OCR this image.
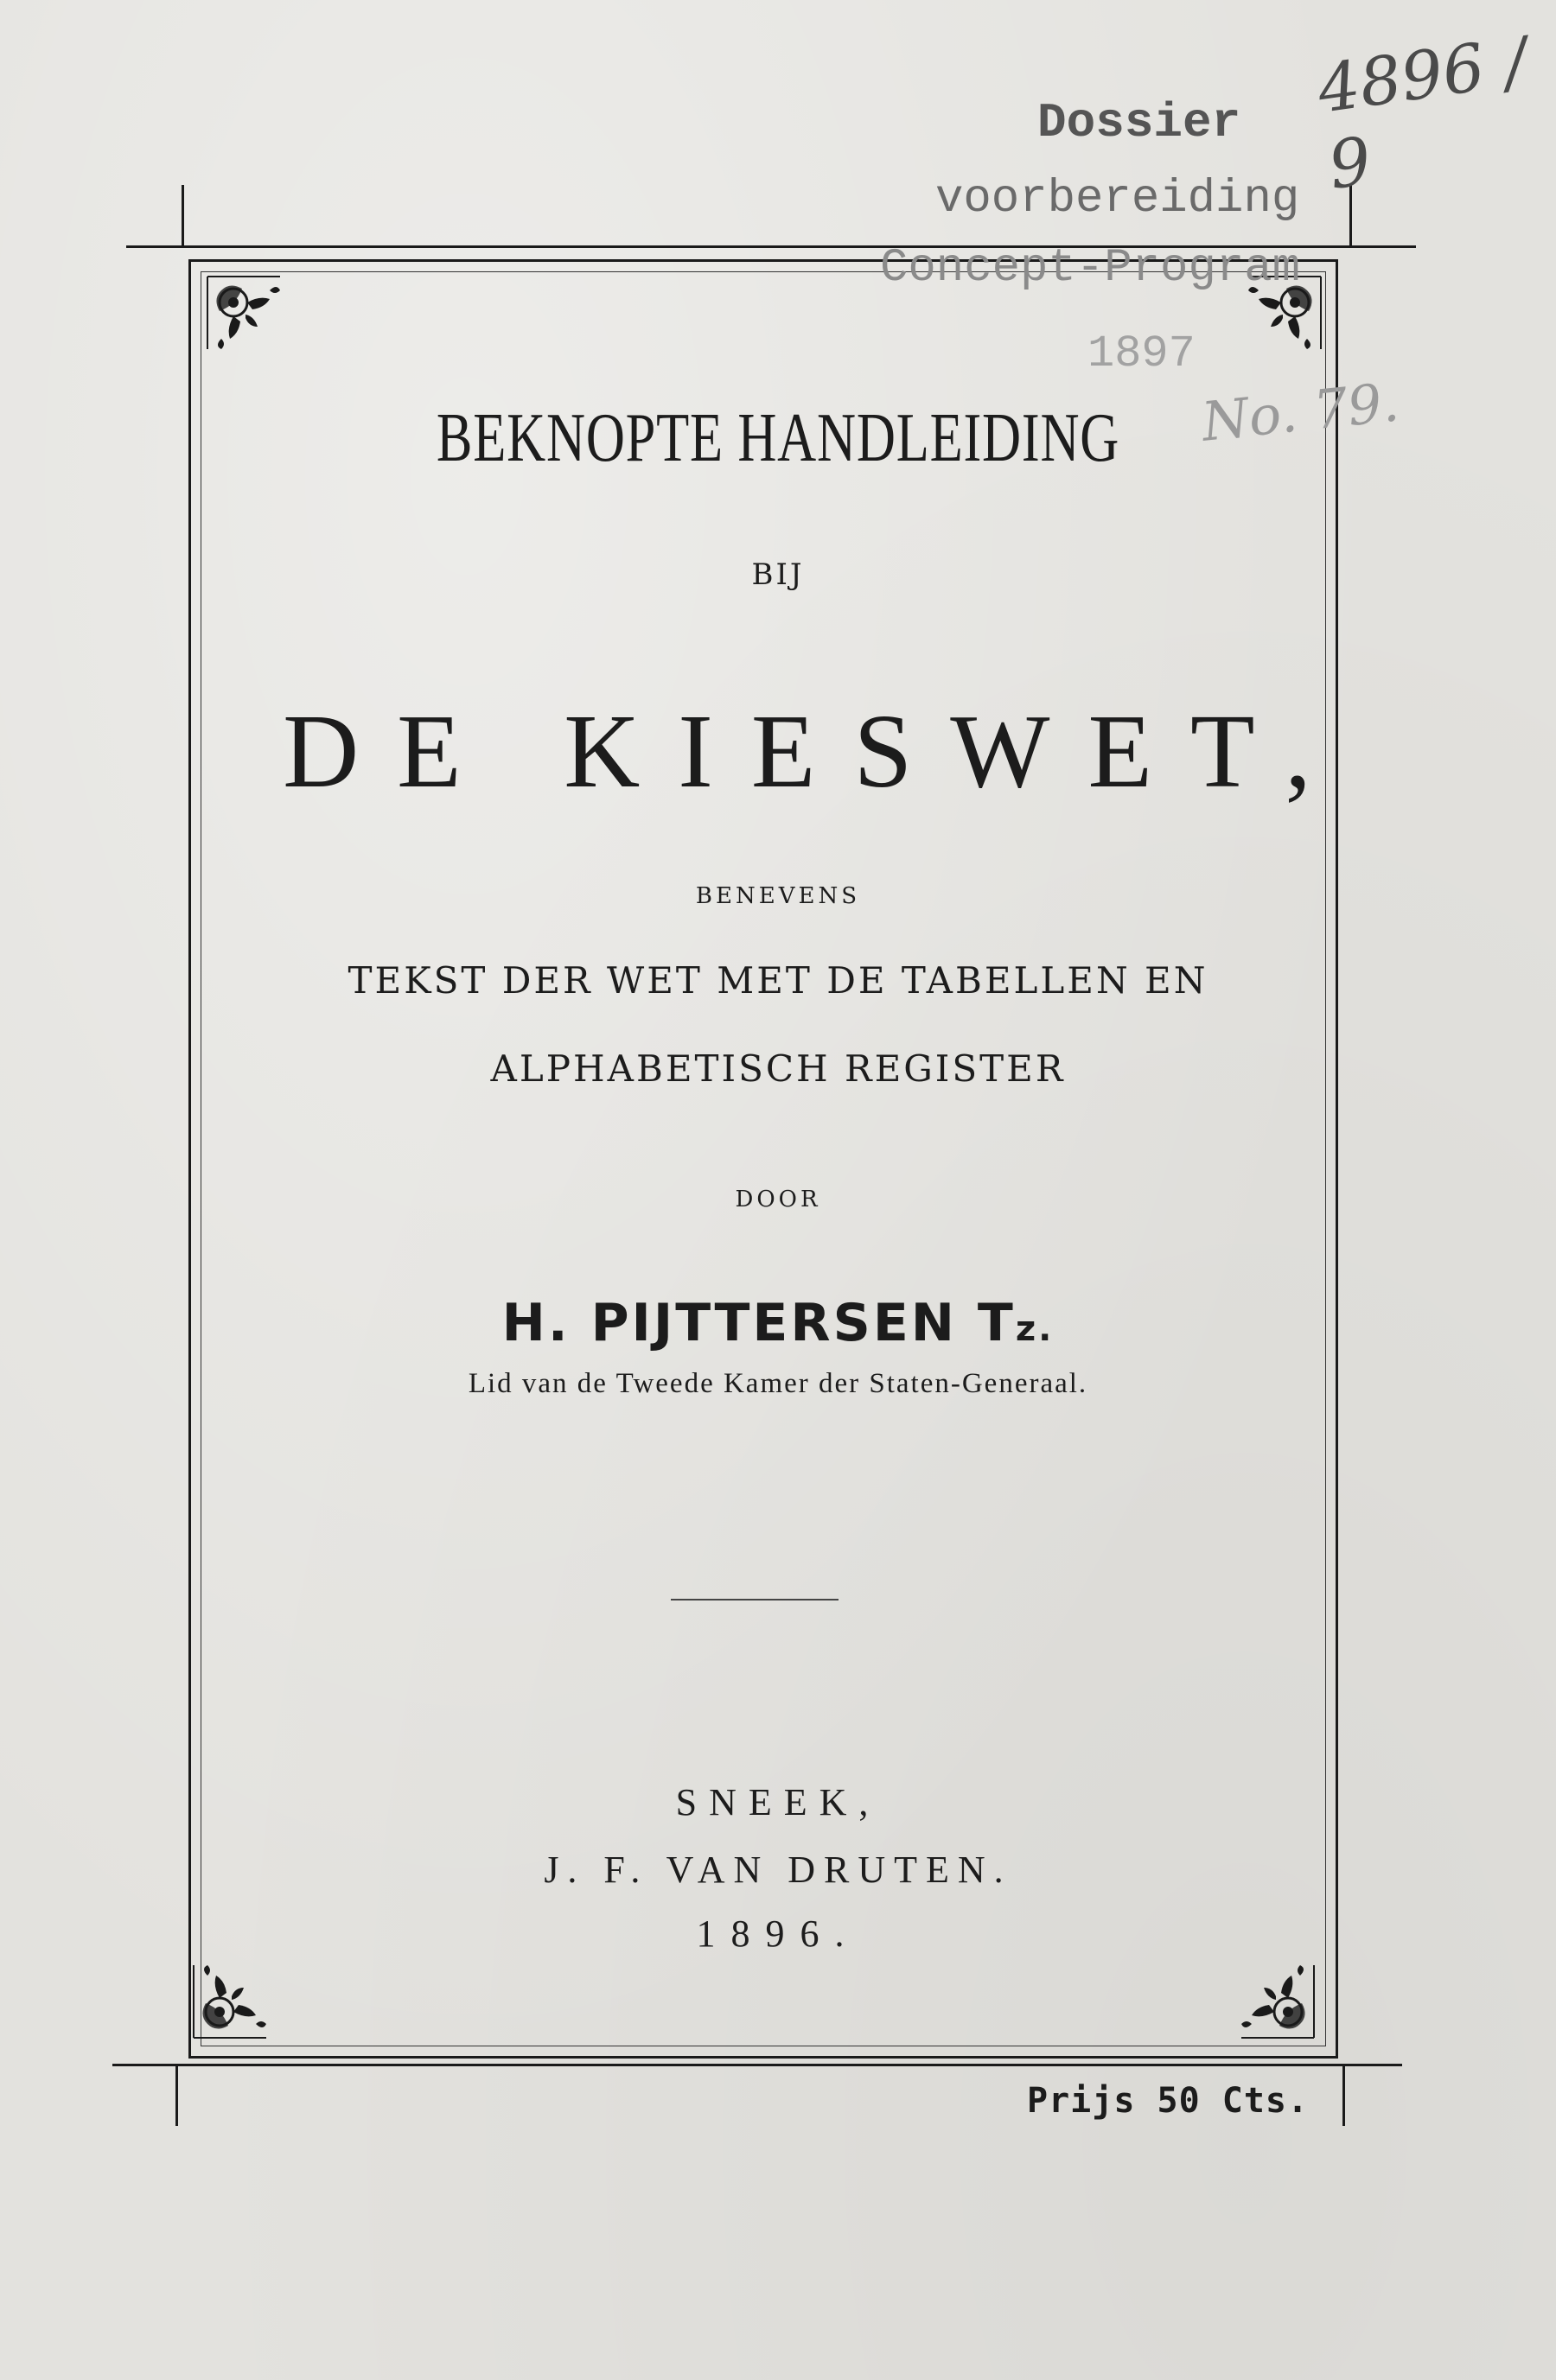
Dossier
voorbereiding
Concept-Program
1897
4896 / 9
No. 79.
BEKNOPTE HANDLEIDING
BIJ
DE KIESWET,
BENEVENS
TEKST DER WET MET DE TABELLEN EN
ALPHABETISCH REGISTER
DOOR
H. PIJTTERSEN Tz.
Lid van de Tweede Kamer der Staten-Generaal.
SNEEK,
J. F. VAN DRUTEN.
1896.
Prijs 50 Cts.
